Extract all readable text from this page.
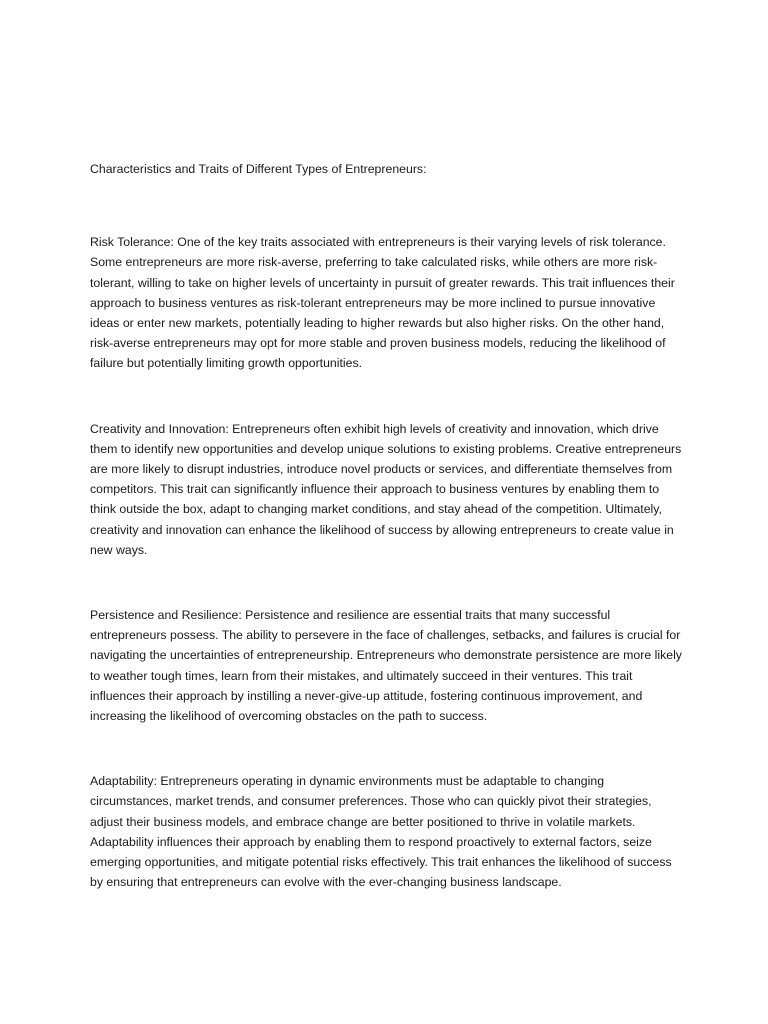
Characteristics and Traits of Different Types of Entrepreneurs:

Risk Tolerance: One of the key traits associated with entrepreneurs is their varying levels of risk tolerance. Some entrepreneurs are more risk-averse, preferring to take calculated risks, while others are more risk-tolerant, willing to take on higher levels of uncertainty in pursuit of greater rewards. This trait influences their approach to business ventures as risk-tolerant entrepreneurs may be more inclined to pursue innovative ideas or enter new markets, potentially leading to higher rewards but also higher risks. On the other hand, risk-averse entrepreneurs may opt for more stable and proven business models, reducing the likelihood of failure but potentially limiting growth opportunities.

Creativity and Innovation: Entrepreneurs often exhibit high levels of creativity and innovation, which drive them to identify new opportunities and develop unique solutions to existing problems. Creative entrepreneurs are more likely to disrupt industries, introduce novel products or services, and differentiate themselves from competitors. This trait can significantly influence their approach to business ventures by enabling them to think outside the box, adapt to changing market conditions, and stay ahead of the competition. Ultimately, creativity and innovation can enhance the likelihood of success by allowing entrepreneurs to create value in new ways.

Persistence and Resilience: Persistence and resilience are essential traits that many successful entrepreneurs possess. The ability to persevere in the face of challenges, setbacks, and failures is crucial for navigating the uncertainties of entrepreneurship. Entrepreneurs who demonstrate persistence are more likely to weather tough times, learn from their mistakes, and ultimately succeed in their ventures. This trait influences their approach by instilling a never-give-up attitude, fostering continuous improvement, and increasing the likelihood of overcoming obstacles on the path to success.

Adaptability: Entrepreneurs operating in dynamic environments must be adaptable to changing circumstances, market trends, and consumer preferences. Those who can quickly pivot their strategies, adjust their business models, and embrace change are better positioned to thrive in volatile markets. Adaptability influences their approach by enabling them to respond proactively to external factors, seize emerging opportunities, and mitigate potential risks effectively. This trait enhances the likelihood of success by ensuring that entrepreneurs can evolve with the ever-changing business landscape.
